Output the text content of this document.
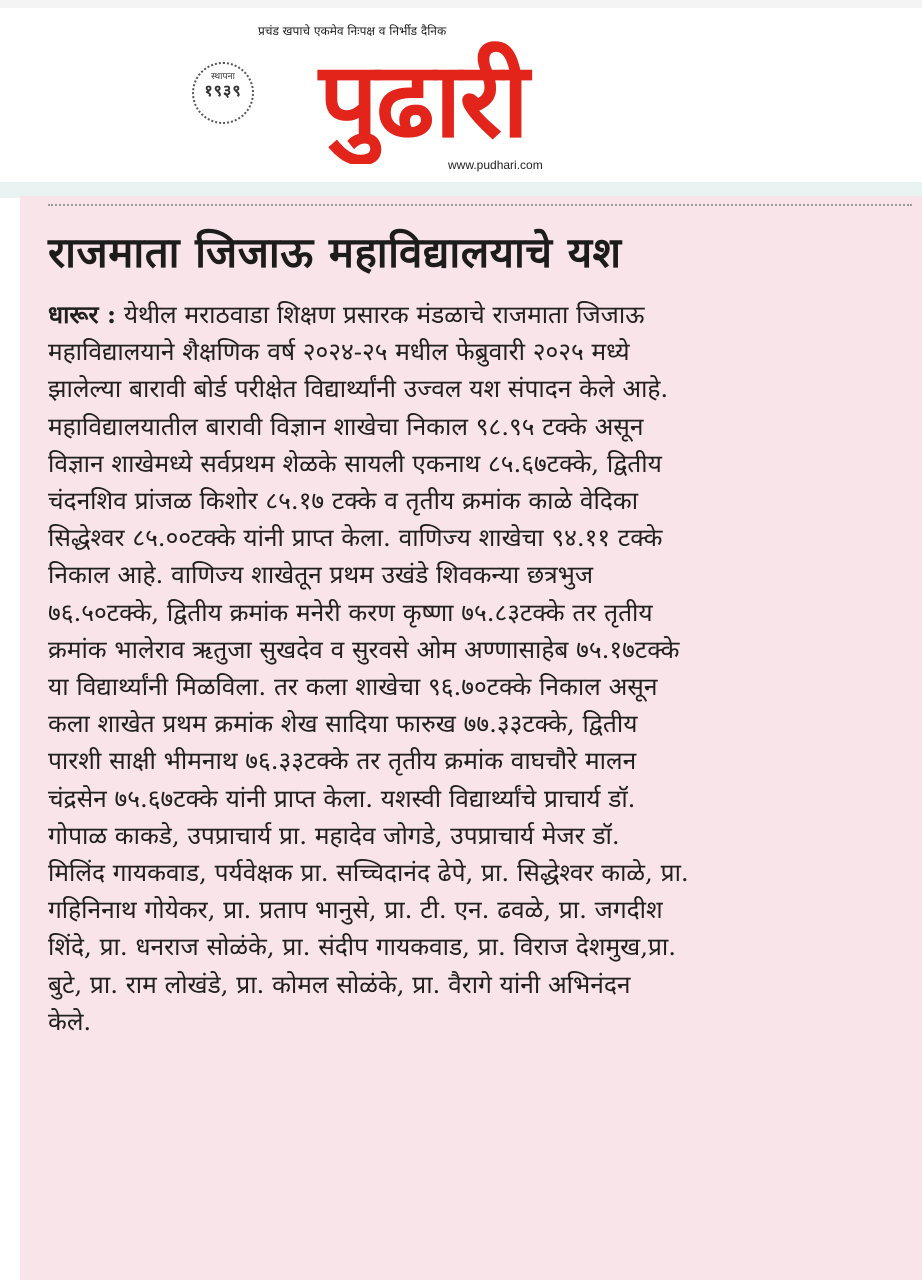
स्थापना
१९३९
प्रचंड खपाचे एकमेव निःपक्ष व निर्भीड दैनिक
पुढारी
www.pudhari.com
राजमाता जिजाऊ महाविद्यालयाचे यश
धारूर : येथील मराठवाडा शिक्षण प्रसारक मंडळाचे राजमाता जिजाऊ
महाविद्यालयाने शैक्षणिक वर्ष २०२४-२५ मधील फेब्रुवारी २०२५ मध्ये
झालेल्या बारावी बोर्ड परीक्षेत विद्यार्थ्यांनी उज्वल यश संपादन केले आहे.
महाविद्यालयातील बारावी विज्ञान शाखेचा निकाल ९८.९५ टक्के असून
विज्ञान शाखेमध्ये सर्वप्रथम शेळके सायली एकनाथ ८५.६७टक्के, द्वितीय
चंदनशिव प्रांजळ किशोर ८५.१७ टक्के व तृतीय क्रमांक काळे वेदिका
सिद्धेश्वर ८५.००टक्के यांनी प्राप्त केला. वाणिज्य शाखेचा ९४.११ टक्के
निकाल आहे. वाणिज्य शाखेतून प्रथम उखंडे शिवकन्या छत्रभुज
७६.५०टक्के, द्वितीय क्रमांक मनेरी करण कृष्णा ७५.८३टक्के तर तृतीय
क्रमांक भालेराव ऋतुजा सुखदेव व सुरवसे ओम अण्णासाहेब ७५.१७टक्के
या विद्यार्थ्यांनी मिळविला. तर कला शाखेचा ९६.७०टक्के निकाल असून
कला शाखेत प्रथम क्रमांक शेख सादिया फारुख ७७.३३टक्के, द्वितीय
पारशी साक्षी भीमनाथ ७६.३३टक्के तर तृतीय क्रमांक वाघचौरे मालन
चंद्रसेन ७५.६७टक्के यांनी प्राप्त केला. यशस्वी विद्यार्थ्यांचे प्राचार्य डॉ.
गोपाळ काकडे, उपप्राचार्य प्रा. महादेव जोगडे, उपप्राचार्य मेजर डॉ.
मिलिंद गायकवाड, पर्यवेक्षक प्रा. सच्चिदानंद ढेपे, प्रा. सिद्धेश्वर काळे, प्रा.
गहिनिनाथ गोयेकर, प्रा. प्रताप भानुसे, प्रा. टी. एन. ढवळे, प्रा. जगदीश
शिंदे, प्रा. धनराज सोळंके, प्रा. संदीप गायकवाड, प्रा. विराज देशमुख,प्रा.
बुटे, प्रा. राम लोखंडे, प्रा. कोमल सोळंके, प्रा. वैरागे यांनी अभिनंदन
केले.
